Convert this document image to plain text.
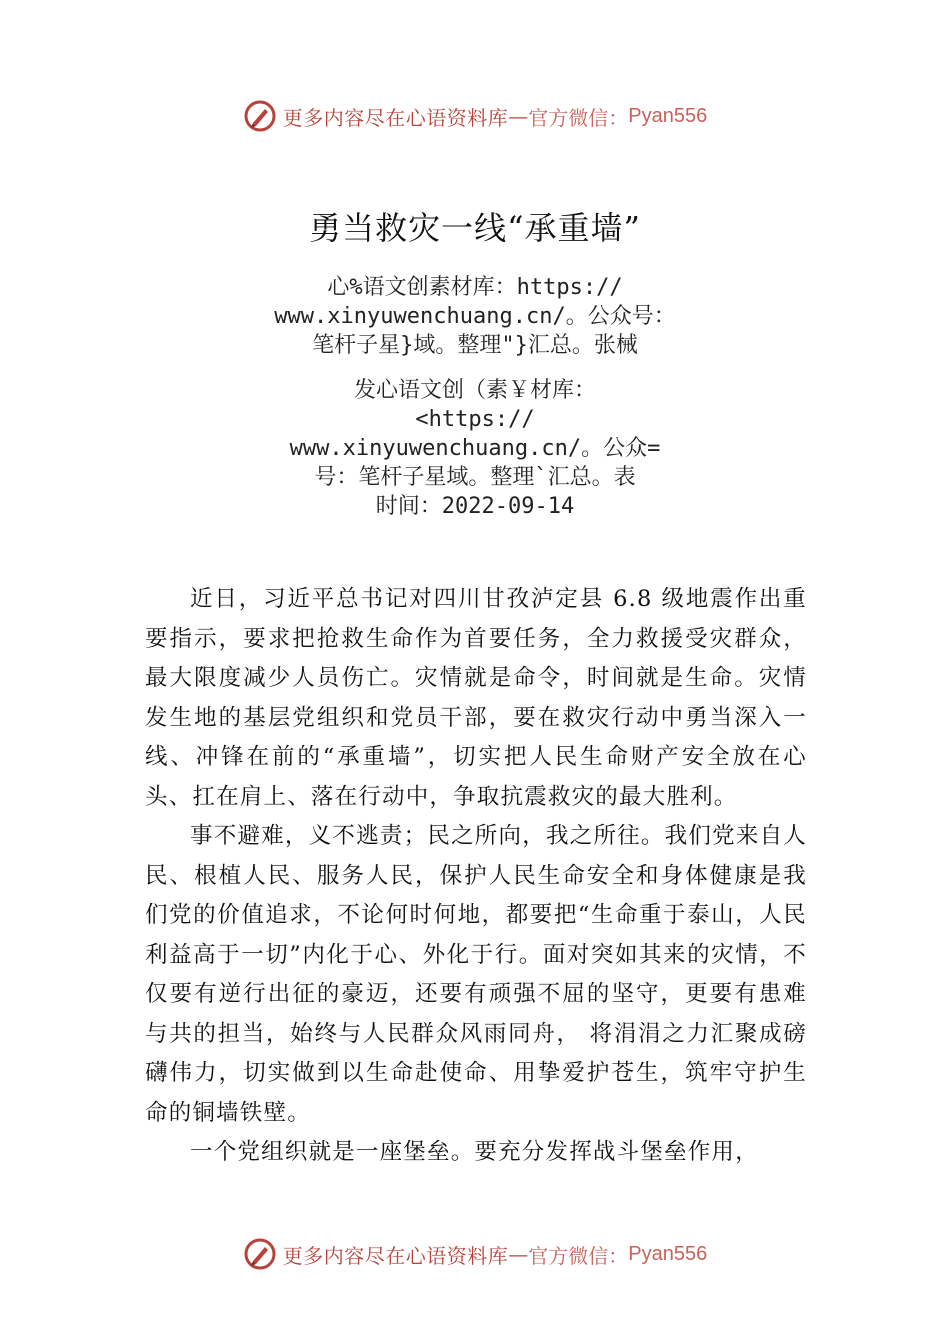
更多内容尽在心语资料库 — 官方微信： Pyan556
勇当救灾一线“承重墙”
心%语文创素材库：https://
www.xinyuwenchuang.cn/。公众号：
笔杆子星}域。整理"}汇总。张械
发心语文创（素￥材库：
<https://
www.xinyuwenchuang.cn/。公众=
号：笔杆子星域。整理`汇总。表
时间：2022-09-14

近日，习近平总书记对四川甘孜泸定县 6.8 级地震作出重要指示，要求把抢救生命作为首要任务，全力救援受灾群众，最大限度减少人员伤亡。灾情就是命令，时间就是生命。灾情发生地的基层党组织和党员干部，要在救灾行动中勇当深入一线、冲锋在前的“承重墙”，切实把人民生命财产安全放在心头、扛在肩上、落在行动中，争取抗震救灾的最大胜利。

事不避难，义不逃责；民之所向，我之所往。我们党来自人民、根植人民、服务人民，保护人民生命安全和身体健康是我们党的价值追求，不论何时何地，都要把“生命重于泰山，人民利益高于一切”内化于心、外化于行。面对突如其来的灾情，不仅要有逆行出征的豪迈，还要有顽强不屈的坚守，更要有患难与共的担当，始终与人民群众风雨同舟， 将涓涓之力汇聚成磅礴伟力，切实做到以生命赴使命、用挚爱护苍生，筑牢守护生命的铜墙铁壁。

一个党组织就是一座堡垒。要充分发挥战斗堡垒作用，

更多内容尽在心语资料库 — 官方微信： Pyan556
